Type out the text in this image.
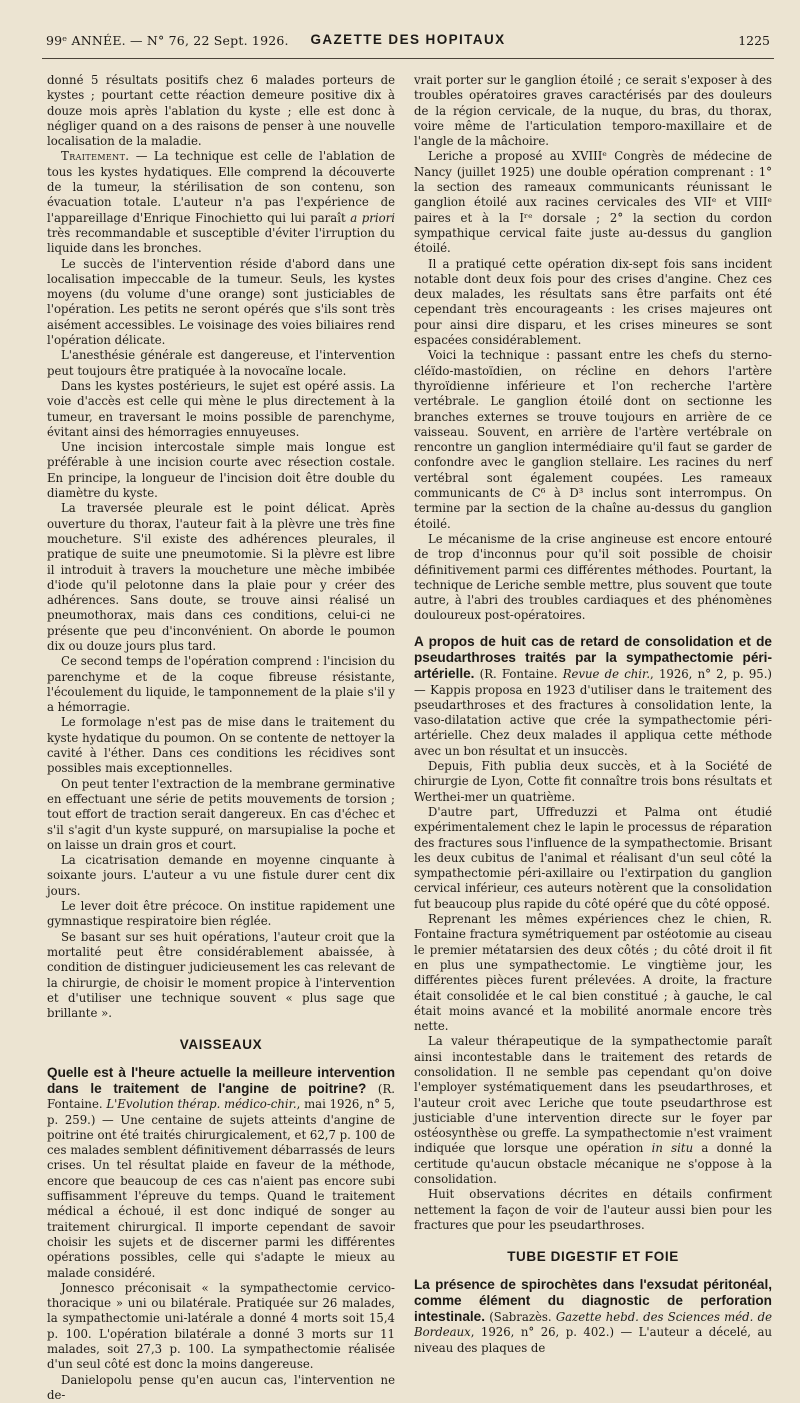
99ᵉ ANNÉE. — N° 76, 22 Sept. 1926.	GAZETTE DES HOPITAUX	1225

donné 5 résultats positifs chez 6 malades porteurs de kystes ; pourtant cette réaction demeure positive dix à douze mois après l'ablation du kyste ; elle est donc à négliger quand on a des raisons de penser à une nouvelle localisation de la maladie.

Traitement. — La technique est celle de l'ablation de tous les kystes hydatiques. Elle comprend la découverte de la tumeur, la stérilisation de son contenu, son évacuation totale. L'auteur n'a pas l'expérience de l'appareillage d'Enrique Finochietto qui lui paraît a priori très recommandable et susceptible d'éviter l'irruption du liquide dans les bronches.

Le succès de l'intervention réside d'abord dans une localisation impeccable de la tumeur. Seuls, les kystes moyens (du volume d'une orange) sont justiciables de l'opération. Les petits ne seront opérés que s'ils sont très aisément accessibles. Le voisinage des voies biliaires rend l'opération délicate.

L'anesthésie générale est dangereuse, et l'intervention peut toujours être pratiquée à la novocaïne locale.

Dans les kystes postérieurs, le sujet est opéré assis. La voie d'accès est celle qui mène le plus directement à la tumeur, en traversant le moins possible de parenchyme, évitant ainsi des hémorragies ennuyeuses.

Une incision intercostale simple mais longue est préférable à une incision courte avec résection costale. En principe, la longueur de l'incision doit être double du diamètre du kyste.

La traversée pleurale est le point délicat. Après ouverture du thorax, l'auteur fait à la plèvre une très fine moucheture. S'il existe des adhérences pleurales, il pratique de suite une pneumotomie. Si la plèvre est libre il introduit à travers la moucheture une mèche imbibée d'iode qu'il pelotonne dans la plaie pour y créer des adhérences. Sans doute, se trouve ainsi réalisé un pneumothorax, mais dans ces conditions, celui-ci ne présente que peu d'inconvénient. On aborde le poumon dix ou douze jours plus tard.

Ce second temps de l'opération comprend : l'incision du parenchyme et de la coque fibreuse résistante, l'écoulement du liquide, le tamponnement de la plaie s'il y a hémorragie.

Le formolage n'est pas de mise dans le traitement du kyste hydatique du poumon. On se contente de nettoyer la cavité à l'éther. Dans ces conditions les récidives sont possibles mais exceptionnelles.

On peut tenter l'extraction de la membrane germinative en effectuant une série de petits mouvements de torsion ; tout effort de traction serait dangereux. En cas d'échec et s'il s'agit d'un kyste suppuré, on marsupialise la poche et on laisse un drain gros et court.

La cicatrisation demande en moyenne cinquante à soixante jours. L'auteur a vu une fistule durer cent dix jours.

Le lever doit être précoce. On institue rapidement une gymnastique respiratoire bien réglée.

Se basant sur ses huit opérations, l'auteur croit que la mortalité peut être considérablement abaissée, à condition de distinguer judicieusement les cas relevant de la chirurgie, de choisir le moment propice à l'intervention et d'utiliser une technique souvent « plus sage que brillante ».

VAISSEAUX

Quelle est à l'heure actuelle la meilleure intervention dans le traitement de l'angine de poitrine? (R. Fontaine. L'Evolution thérap. médico-chir., mai 1926, n° 5, p. 259.) — Une centaine de sujets atteints d'angine de poitrine ont été traités chirurgicalement, et 62,7 p. 100 de ces malades semblent définitivement débarrassés de leurs crises. Un tel résultat plaide en faveur de la méthode, encore que beaucoup de ces cas n'aient pas encore subi suffisamment l'épreuve du temps. Quand le traitement médical a échoué, il est donc indiqué de songer au traitement chirurgical. Il importe cependant de savoir choisir les sujets et de discerner parmi les différentes opérations possibles, celle qui s'adapte le mieux au malade considéré.

Jonnesco préconisait « la sympathectomie cervico-thoracique » uni ou bilatérale. Pratiquée sur 26 malades, la sympathectomie uni-latérale a donné 4 morts soit 15,4 p. 100. L'opération bilatérale a donné 3 morts sur 11 malades, soit 27,3 p. 100. La sympathectomie réalisée d'un seul côté est donc la moins dangereuse.

Danielopolu pense qu'en aucun cas, l'intervention ne de-

vrait porter sur le ganglion étoilé ; ce serait s'exposer à des troubles opératoires graves caractérisés par des douleurs de la région cervicale, de la nuque, du bras, du thorax, voire même de l'articulation temporo-maxillaire et de l'angle de la mâchoire.

Leriche a proposé au XVIIIᵉ Congrès de médecine de Nancy (juillet 1925) une double opération comprenant : 1° la section des rameaux communicants réunissant le ganglion étoilé aux racines cervicales des VIIᵉ et VIIIᵉ paires et à la Iʳᵉ dorsale ; 2° la section du cordon sympathique cervical faite juste au-dessus du ganglion étoilé.

Il a pratiqué cette opération dix-sept fois sans incident notable dont deux fois pour des crises d'angine. Chez ces deux malades, les résultats sans être parfaits ont été cependant très encourageants : les crises majeures ont pour ainsi dire disparu, et les crises mineures se sont espacées considérablement.

Voici la technique : passant entre les chefs du sterno-cléïdo-mastoïdien, on récline en dehors l'artère thyroïdienne inférieure et l'on recherche l'artère vertébrale. Le ganglion étoilé dont on sectionne les branches externes se trouve toujours en arrière de ce vaisseau. Souvent, en arrière de l'artère vertébrale on rencontre un ganglion intermédiaire qu'il faut se garder de confondre avec le ganglion stellaire. Les racines du nerf vertébral sont également coupées. Les rameaux communicants de C⁶ à D³ inclus sont interrompus. On termine par la section de la chaîne au-dessus du ganglion étoilé.

Le mécanisme de la crise angineuse est encore entouré de trop d'inconnus pour qu'il soit possible de choisir définitivement parmi ces différentes méthodes. Pourtant, la technique de Leriche semble mettre, plus souvent que toute autre, à l'abri des troubles cardiaques et des phénomènes douloureux post-opératoires.

A propos de huit cas de retard de consolidation et de pseudarthroses traités par la sympathectomie péri-artérielle. (R. Fontaine. Revue de chir., 1926, n° 2, p. 95.) — Kappis proposa en 1923 d'utiliser dans le traitement des pseudarthroses et des fractures à consolidation lente, la vaso-dilatation active que crée la sympathectomie péri-artérielle. Chez deux malades il appliqua cette méthode avec un bon résultat et un insuccès.

Depuis, Fith publia deux succès, et à la Société de chirurgie de Lyon, Cotte fit connaître trois bons résultats et Werthei-mer un quatrième.

D'autre part, Uffreduzzi et Palma ont étudié expérimentalement chez le lapin le processus de réparation des fractures sous l'influence de la sympathectomie. Brisant les deux cubitus de l'animal et réalisant d'un seul côté la sympathectomie péri-axillaire ou l'extirpation du ganglion cervical inférieur, ces auteurs notèrent que la consolidation fut beaucoup plus rapide du côté opéré que du côté opposé.

Reprenant les mêmes expériences chez le chien, R. Fontaine fractura symétriquement par ostéotomie au ciseau le premier métatarsien des deux côtés ; du côté droit il fit en plus une sympathectomie. Le vingtième jour, les différentes pièces furent prélevées. A droite, la fracture était consolidée et le cal bien constitué ; à gauche, le cal était moins avancé et la mobilité anormale encore très nette.

La valeur thérapeutique de la sympathectomie paraît ainsi incontestable dans le traitement des retards de consolidation. Il ne semble pas cependant qu'on doive l'employer systématiquement dans les pseudarthroses, et l'auteur croit avec Leriche que toute pseudarthrose est justiciable d'une intervention directe sur le foyer par ostéosynthèse ou greffe. La sympathectomie n'est vraiment indiquée que lorsque une opération in situ a donné la certitude qu'aucun obstacle mécanique ne s'oppose à la consolidation.

Huit observations décrites en détails confirment nettement la façon de voir de l'auteur aussi bien pour les fractures que pour les pseudarthroses.

TUBE DIGESTIF ET FOIE

La présence de spirochètes dans l'exsudat péritonéal, comme élément du diagnostic de perforation intestinale. (Sabrazès. Gazette hebd. des Sciences méd. de Bordeaux, 1926, n° 26, p. 402.) — L'auteur a décelé, au niveau des plaques de
